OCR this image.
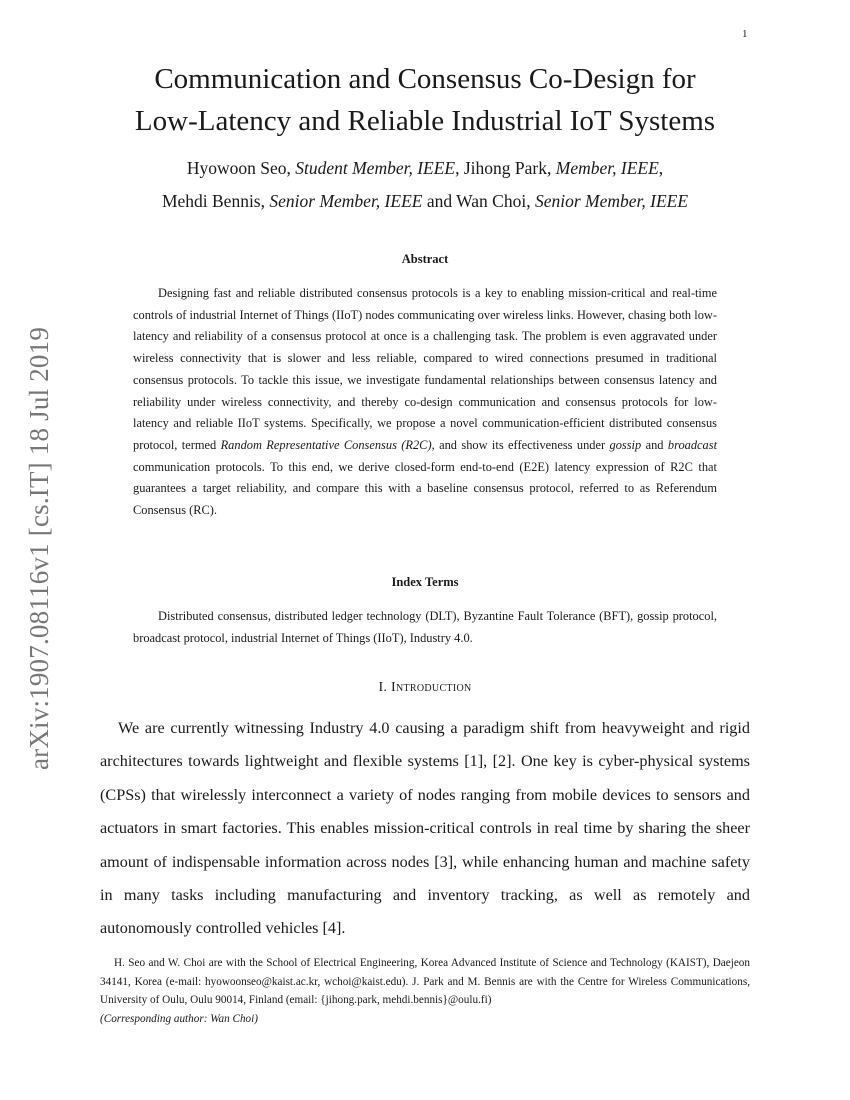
1
arXiv:1907.08116v1 [cs.IT] 18 Jul 2019
Communication and Consensus Co-Design for
Low-Latency and Reliable Industrial IoT Systems
Hyowoon Seo, Student Member, IEEE, Jihong Park, Member, IEEE,
Mehdi Bennis, Senior Member, IEEE and Wan Choi, Senior Member, IEEE
Abstract

Designing fast and reliable distributed consensus protocols is a key to enabling mission-critical and real-time controls of industrial Internet of Things (IIoT) nodes communicating over wireless links. However, chasing both low-latency and reliability of a consensus protocol at once is a challenging task. The problem is even aggravated under wireless connectivity that is slower and less reliable, compared to wired connections presumed in traditional consensus protocols. To tackle this issue, we investigate fundamental relationships between consensus latency and reliability under wireless connectivity, and thereby co-design communication and consensus protocols for low-latency and reliable IIoT systems. Specifically, we propose a novel communication-efficient distributed consensus protocol, termed Random Representative Consensus (R2C), and show its effectiveness under gossip and broadcast communication protocols. To this end, we derive closed-form end-to-end (E2E) latency expression of R2C that guarantees a target reliability, and compare this with a baseline consensus protocol, referred to as Referendum Consensus (RC).

Index Terms

Distributed consensus, distributed ledger technology (DLT), Byzantine Fault Tolerance (BFT), gossip protocol, broadcast protocol, industrial Internet of Things (IIoT), Industry 4.0.

I. Introduction

We are currently witnessing Industry 4.0 causing a paradigm shift from heavyweight and rigid architectures towards lightweight and flexible systems [1], [2]. One key is cyber-physical systems (CPSs) that wirelessly interconnect a variety of nodes ranging from mobile devices to sensors and actuators in smart factories. This enables mission-critical controls in real time by sharing the sheer amount of indispensable information across nodes [3], while enhancing human and machine safety in many tasks including manufacturing and inventory tracking, as well as remotely and autonomously controlled vehicles [4].

H. Seo and W. Choi are with the School of Electrical Engineering, Korea Advanced Institute of Science and Technology (KAIST), Daejeon 34141, Korea (e-mail: hyowoonseo@kaist.ac.kr, wchoi@kaist.edu). J. Park and M. Bennis are with the Centre for Wireless Communications, University of Oulu, Oulu 90014, Finland (email: {jihong.park, mehdi.bennis}@oulu.fi)
(Corresponding author: Wan Choi)
